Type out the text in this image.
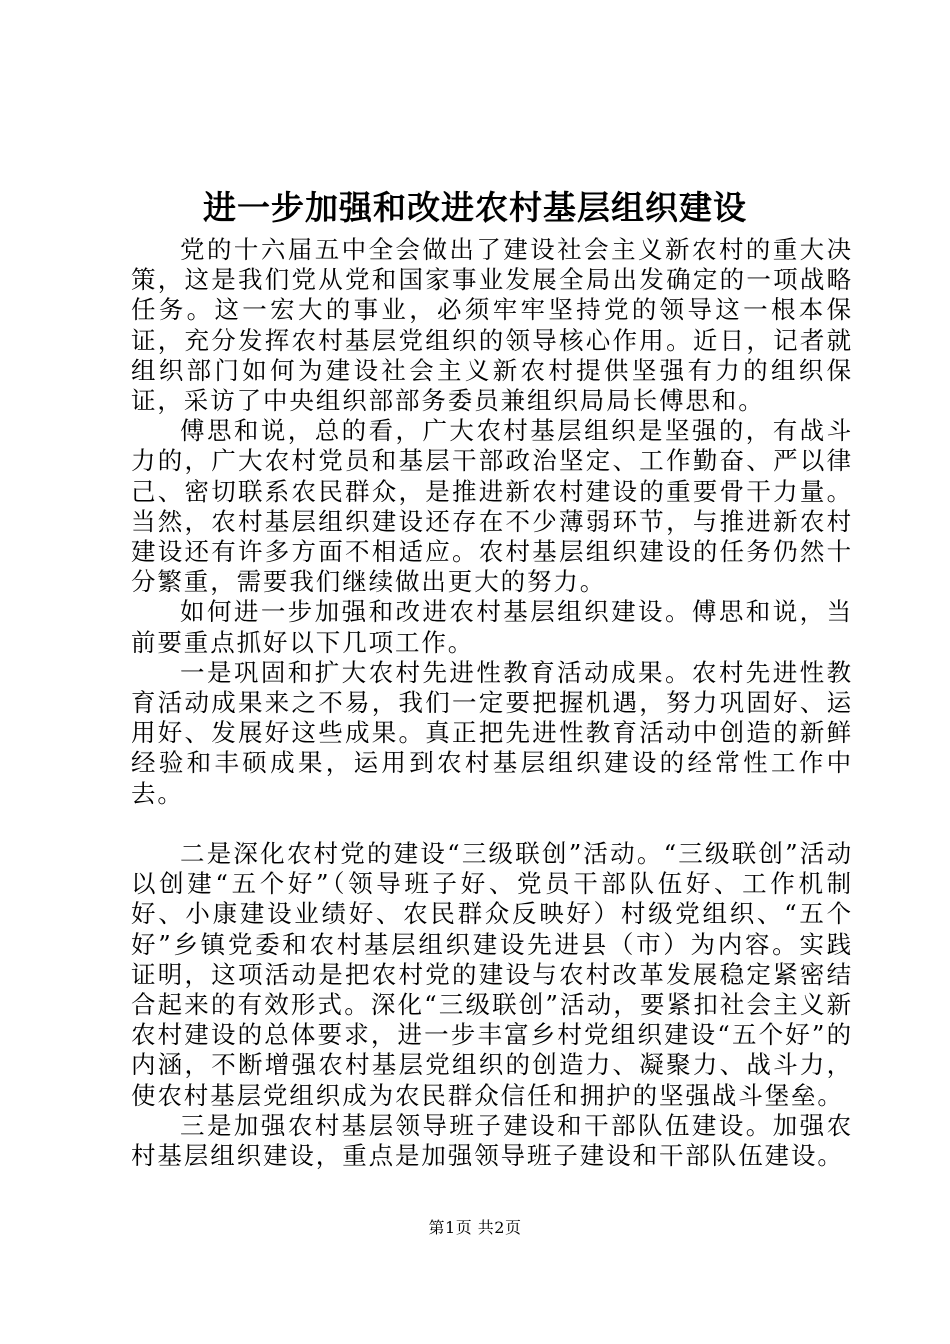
进一步加强和改进农村基层组织建设

党的十六届五中全会做出了建设社会主义新农村的重大决策，这是我们党从党和国家事业发展全局出发确定的一项战略任务。这一宏大的事业，必须牢牢坚持党的领导这一根本保证，充分发挥农村基层党组织的领导核心作用。近日，记者就组织部门如何为建设社会主义新农村提供坚强有力的组织保证，采访了中央组织部部务委员兼组织局局长傅思和。

傅思和说，总的看，广大农村基层组织是坚强的，有战斗力的，广大农村党员和基层干部政治坚定、工作勤奋、严以律己、密切联系农民群众，是推进新农村建设的重要骨干力量。当然，农村基层组织建设还存在不少薄弱环节，与推进新农村建设还有许多方面不相适应。农村基层组织建设的任务仍然十分繁重，需要我们继续做出更大的努力。

如何进一步加强和改进农村基层组织建设。傅思和说，当前要重点抓好以下几项工作。

一是巩固和扩大农村先进性教育活动成果。农村先进性教育活动成果来之不易，我们一定要把握机遇，努力巩固好、运用好、发展好这些成果。真正把先进性教育活动中创造的新鲜经验和丰硕成果，运用到农村基层组织建设的经常性工作中去。

二是深化农村党的建设“三级联创”活动。“三级联创”活动以创建“五个好”（领导班子好、党员干部队伍好、工作机制好、小康建设业绩好、农民群众反映好）村级党组织、“五个好”乡镇党委和农村基层组织建设先进县（市）为内容。实践证明，这项活动是把农村党的建设与农村改革发展稳定紧密结合起来的有效形式。深化“三级联创”活动，要紧扣社会主义新农村建设的总体要求，进一步丰富乡村党组织建设“五个好”的内涵，不断增强农村基层党组织的创造力、凝聚力、战斗力，使农村基层党组织成为农民群众信任和拥护的坚强战斗堡垒。

三是加强农村基层领导班子建设和干部队伍建设。加强农村基层组织建设，重点是加强领导班子建设和干部队伍建设。

第1页 共2页
